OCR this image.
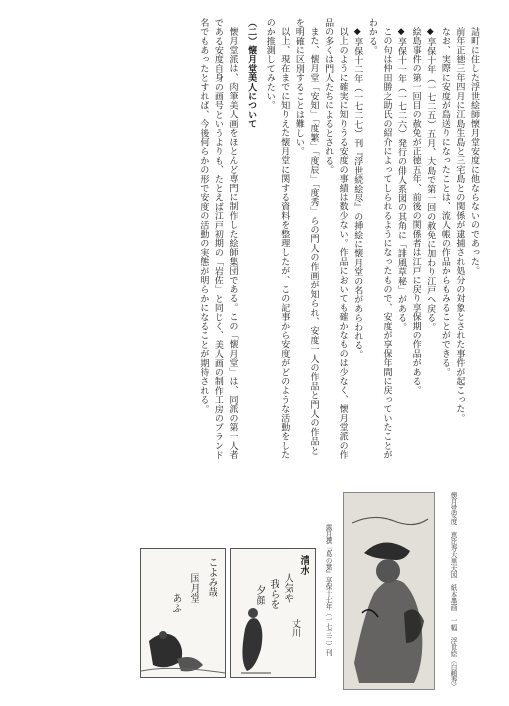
詰町に住した浮世絵師懐月堂安度に他ならないのであった。

前年正徳三年四月に江島生島と三宅島との関係が逮捕され処分の対象とされた事件が起こった。

なお、実際に安度が島送りになったことは、流人帳の作品からもみることができる。

◆享保十年（一七二五）五月、大島で第一回の赦免に加わり江戸へ戻る。

絵島事件の第一回目の赦免が正徳五年、前後の関係者は江戸に戻り享保期の作品がある。

◆享保十一年（一七二六）発行の俳人系図の其角に「誹風草秘」がある。

この句は仲田勝之助氏の紹介によってしられるようになったもので、安度が享保年間に戻っていたことがわかる。

◆享保十二年（一七二七）刊『浮世続絵尽』の挿絵に懐月堂の名があらわれる。

以上のように確実に知りうる安度の事績は数少ない。作品においても確かなものは少なく、懐月堂派の作品の多くは門人たちによるとされる。

また、懐月堂「安知」「度繁」「度辰」「度秀」らの門人の作画が知られ、安度一人の作品と門人の作品とを明確に区別することは難しい。

以上、現在までに知りえた懐月堂に関する資料を整理したが、この記事から安度がどのような活動をしたのか推測してみたい。

（二）懐月堂美人について

懐月堂派は、肉筆美人画をほとんど専門に制作した絵師集団である。この「懐月堂」は、同派の第一人者である安度自身の画号というよりも、たとえば江戸初期の「岩佐」と同じく、美人画の制作工房のブランド名でもあったとすれば、今後何らかの形で安度の活動の実態が明らかになることが期待される。

懐月堂安度　恵比寿大黒天図　紙本墨画　一幅　浮世絵（白鶴寿）
清水
人気や
我らを
夕顔
丈川
こよみ哉
国月堂
あふ	露月撰『葛の葉』享保十七年（一七三二）刊
